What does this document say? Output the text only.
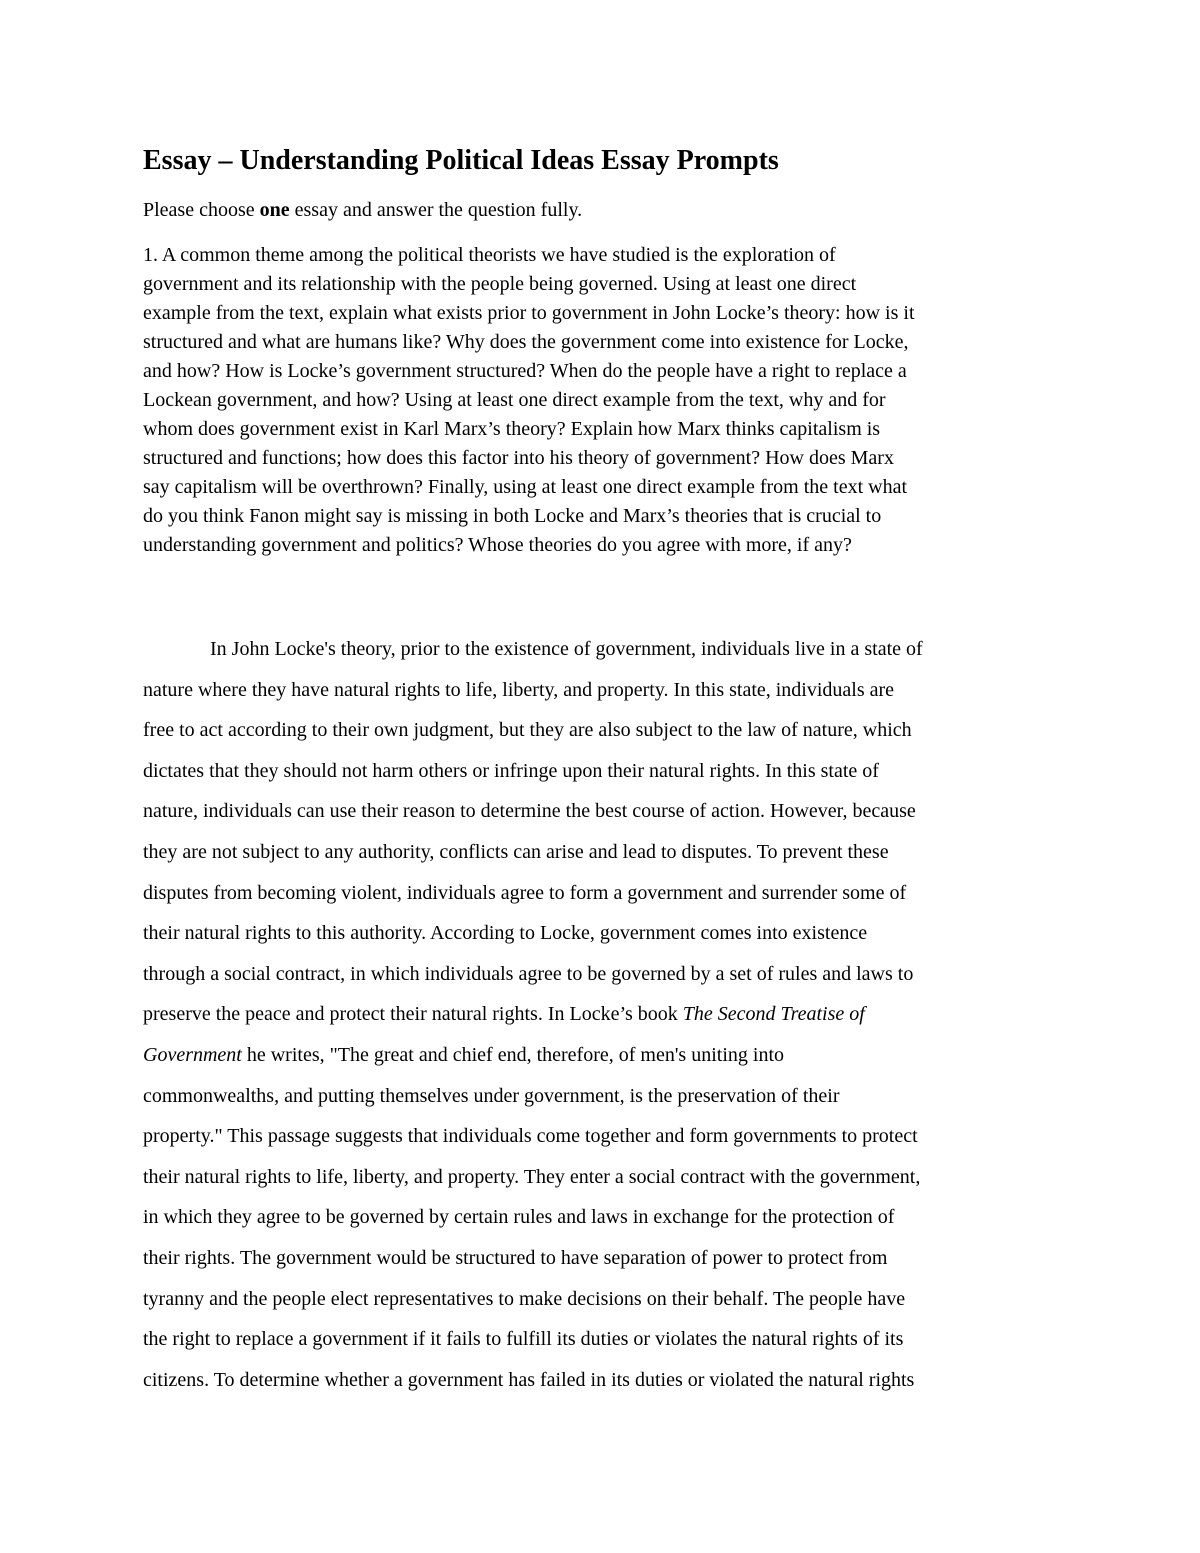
Essay – Understanding Political Ideas Essay Prompts
Please choose one essay and answer the question fully.
1. A common theme among the political theorists we have studied is the exploration of
government and its relationship with the people being governed. Using at least one direct
example from the text, explain what exists prior to government in John Locke’s theory: how is it
structured and what are humans like? Why does the government come into existence for Locke,
and how? How is Locke’s government structured? When do the people have a right to replace a
Lockean government, and how? Using at least one direct example from the text, why and for
whom does government exist in Karl Marx’s theory? Explain how Marx thinks capitalism is
structured and functions; how does this factor into his theory of government? How does Marx
say capitalism will be overthrown? Finally, using at least one direct example from the text what
do you think Fanon might say is missing in both Locke and Marx’s theories that is crucial to
understanding government and politics? Whose theories do you agree with more, if any?
In John Locke's theory, prior to the existence of government, individuals live in a state of
nature where they have natural rights to life, liberty, and property. In this state, individuals are
free to act according to their own judgment, but they are also subject to the law of nature, which
dictates that they should not harm others or infringe upon their natural rights. In this state of
nature, individuals can use their reason to determine the best course of action. However, because
they are not subject to any authority, conflicts can arise and lead to disputes. To prevent these
disputes from becoming violent, individuals agree to form a government and surrender some of
their natural rights to this authority. According to Locke, government comes into existence
through a social contract, in which individuals agree to be governed by a set of rules and laws to
preserve the peace and protect their natural rights. In Locke’s book The Second Treatise of
Government he writes, "The great and chief end, therefore, of men's uniting into
commonwealths, and putting themselves under government, is the preservation of their
property." This passage suggests that individuals come together and form governments to protect
their natural rights to life, liberty, and property. They enter a social contract with the government,
in which they agree to be governed by certain rules and laws in exchange for the protection of
their rights. The government would be structured to have separation of power to protect from
tyranny and the people elect representatives to make decisions on their behalf. The people have
the right to replace a government if it fails to fulfill its duties or violates the natural rights of its
citizens. To determine whether a government has failed in its duties or violated the natural rights
